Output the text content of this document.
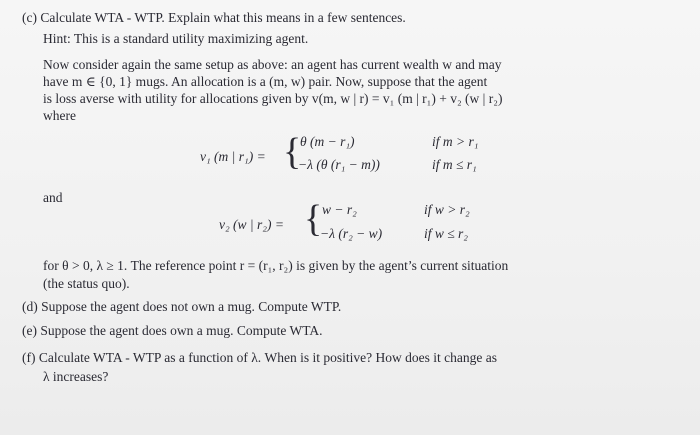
(c) Calculate WTA - WTP. Explain what this means in a few sentences.
Hint: This is a standard utility maximizing agent.
Now consider again the same setup as above: an agent has current wealth w and may
have m ∈ {0, 1} mugs. An allocation is a (m, w) pair. Now, suppose that the agent
is loss averse with utility for allocations given by v(m, w | r) = v₁ (m | r₁) + v₂ (w | r₂)
where
v₁ (m | r₁) = {
θ (m − r₁)	if m > r₁
−λ (θ (r₁ − m))	if m ≤ r₁
and
v₂ (w | r₂) = { w − r₂	if w > r₂
−λ (r₂ − w)	if w ≤ r₂
for θ > 0, λ ≥ 1. The reference point r = (r₁, r₂) is given by the agent’s current situation
(the status quo).
(d) Suppose the agent does not own a mug. Compute WTP.
(e) Suppose the agent does own a mug. Compute WTA.
(f) Calculate WTA - WTP as a function of λ. When is it positive? How does it change as
λ increases?
